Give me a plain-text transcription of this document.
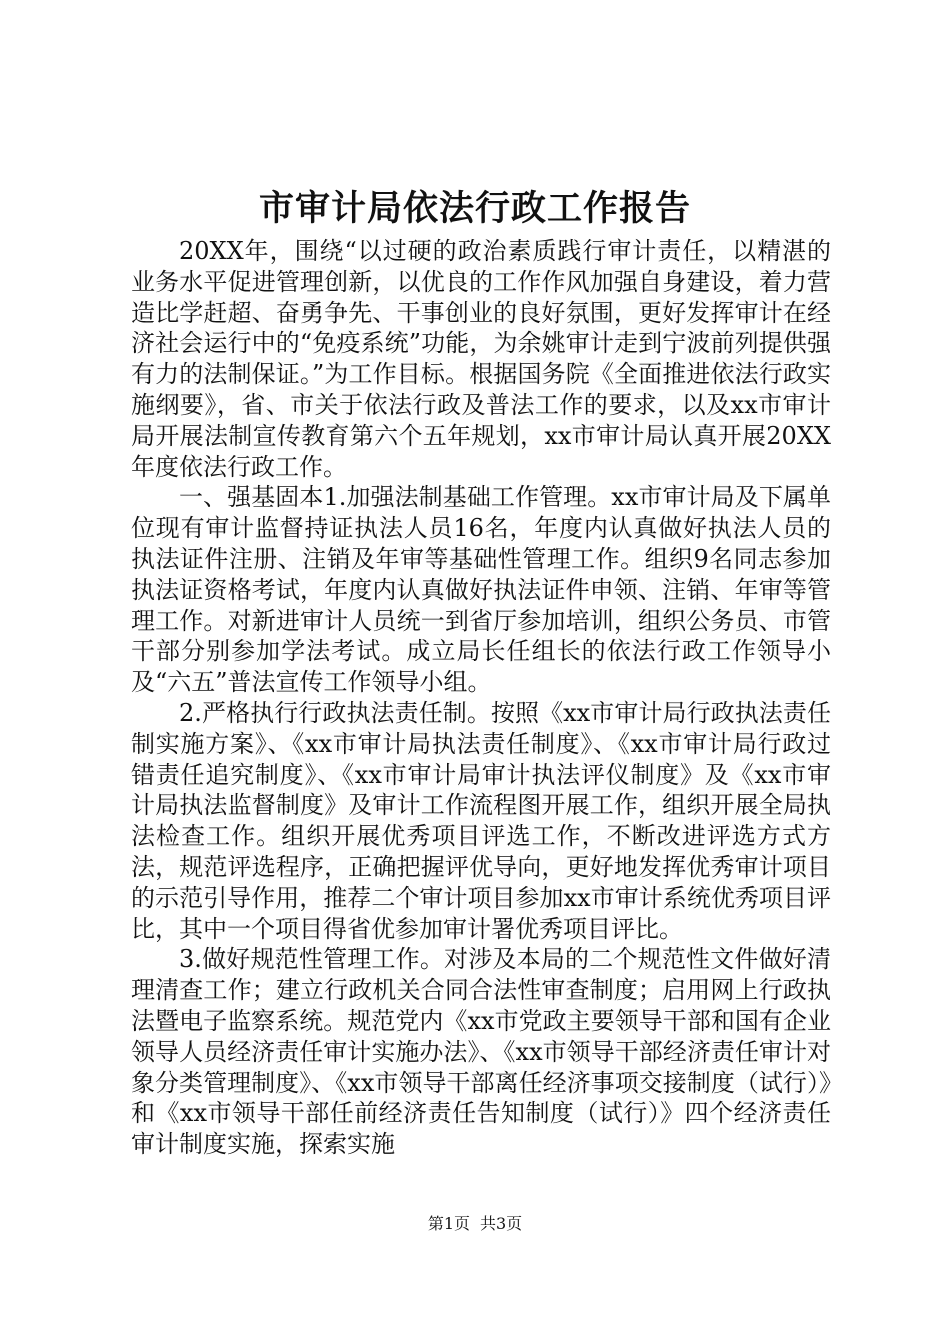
市审计局依法行政工作报告

20XX年，围绕“以过硬的政治素质践行审计责任，以精湛的业务水平促进管理创新，以优良的工作作风加强自身建设，着力营造比学赶超、奋勇争先、干事创业的良好氛围，更好发挥审计在经济社会运行中的“免疫系统”功能，为余姚审计走到宁波前列提供强有力的法制保证。”为工作目标。根据国务院《全面推进依法行政实施纲要》，省、市关于依法行政及普法工作的要求，以及xx市审计局开展法制宣传教育第六个五年规划，xx市审计局认真开展20XX年度依法行政工作。

一、强基固本1.加强法制基础工作管理。xx市审计局及下属单位现有审计监督持证执法人员16名，年度内认真做好执法人员的执法证件注册、注销及年审等基础性管理工作。组织9名同志参加执法证资格考试，年度内认真做好执法证件申领、注销、年审等管理工作。对新进审计人员统一到省厅参加培训，组织公务员、市管干部分别参加学法考试。成立局长任组长的依法行政工作领导小及“六五”普法宣传工作领导小组。

2.严格执行行政执法责任制。按照《xx市审计局行政执法责任制实施方案》、《xx市审计局执法责任制度》、《xx市审计局行政过错责任追究制度》、《xx市审计局审计执法评仪制度》及《xx市审计局执法监督制度》及审计工作流程图开展工作，组织开展全局执法检查工作。组织开展优秀项目评选工作，不断改进评选方式方法，规范评选程序，正确把握评优导向，更好地发挥优秀审计项目的示范引导作用，推荐二个审计项目参加xx市审计系统优秀项目评比，其中一个项目得省优参加审计署优秀项目评比。

3.做好规范性管理工作。对涉及本局的二个规范性文件做好清理清查工作；建立行政机关合同合法性审查制度；启用网上行政执法暨电子监察系统。规范党内《xx市党政主要领导干部和国有企业领导人员经济责任审计实施办法》、《xx市领导干部经济责任审计对象分类管理制度》、《xx市领导干部离任经济事项交接制度（试行）》和《xx市领导干部任前经济责任告知制度（试行）》四个经济责任审计制度实施，探索实施

第1页 共3页
